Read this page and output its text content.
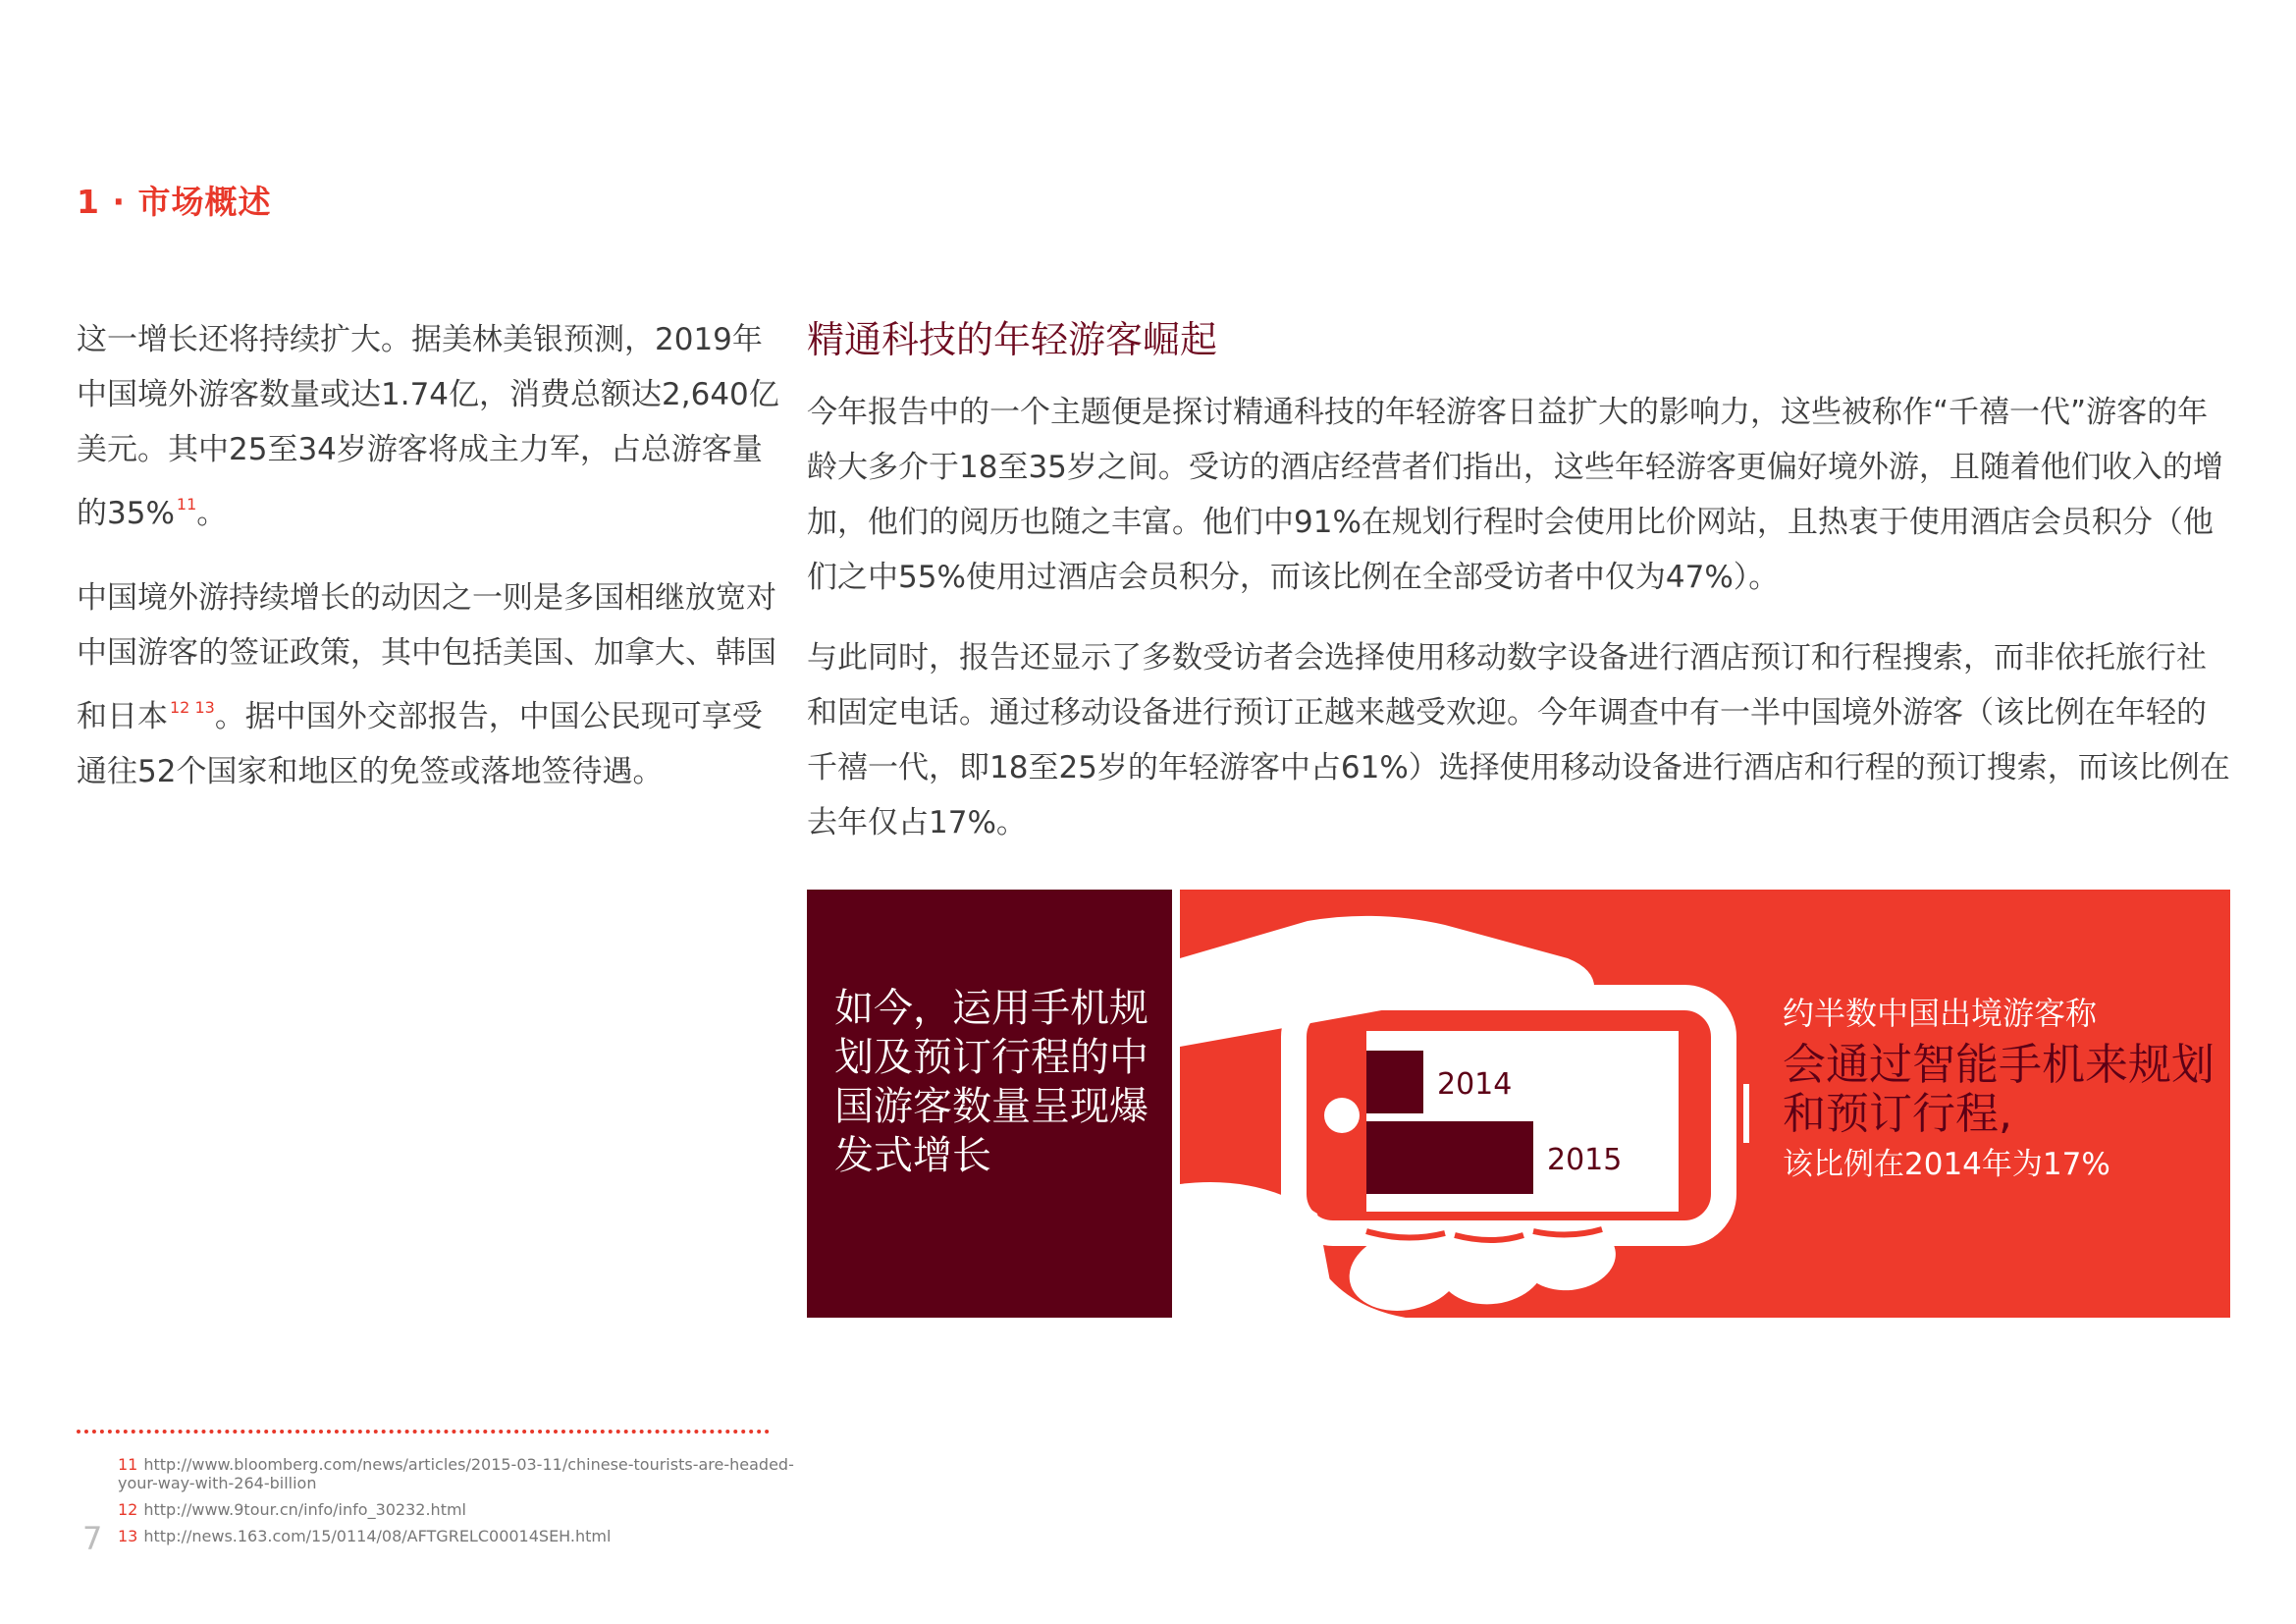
1 · 市场概述

这一增长还将持续扩大。据美林美银预测，2019年中国境外游客数量或达1.74亿，消费总额达2,640亿美元。其中25至34岁游客将成主力军，占总游客量的35% $^{11}$。

中国境外游持续增长的动因之一则是多国相继放宽对中国游客的签证政策，其中包括美国、加拿大、韩国和日本 $^{12 13}$。据中国外交部报告，中国公民现可享受通往52个国家和地区的免签或落地签待遇。

精通科技的年轻游客崛起

今年报告中的一个主题便是探讨精通科技的年轻游客日益扩大的影响力，这些被称作“千禧一代”游客的年龄大多介于18至35岁之间。受访的酒店经营者们指出，这些年轻游客更偏好境外游，且随着他们收入的增加，他们的阅历也随之丰富。他们中91%在规划行程时会使用比价网站，且热衷于使用酒店会员积分（他们之中55%使用过酒店会员积分，而该比例在全部受访者中仅为47%）。

与此同时，报告还显示了多数受访者会选择使用移动数字设备进行酒店预订和行程搜索，而非依托旅行社和固定电话。通过移动设备进行预订正越来越受欢迎。今年调查中有一半中国境外游客（该比例在年轻的千禧一代，即18至25岁的年轻游客中占61%）选择使用移动设备进行酒店和行程的预订搜索，而该比例在去年仅占17%。

如今，运用手机规划及预订行程的中国游客数量呈现爆发式增长
2014
2015
约半数中国出境游客称
会通过智能手机来规划和预订行程,
该比例在2014年为17%
11 http://www.bloomberg.com/news/articles/2015-03-11/chinese-tourists-are-headed-your-way-with-264-billion
12 http://www.9tour.cn/info/info_30232.html
13 http://news.163.com/15/0114/08/AFTGRELC00014SEH.html
7
